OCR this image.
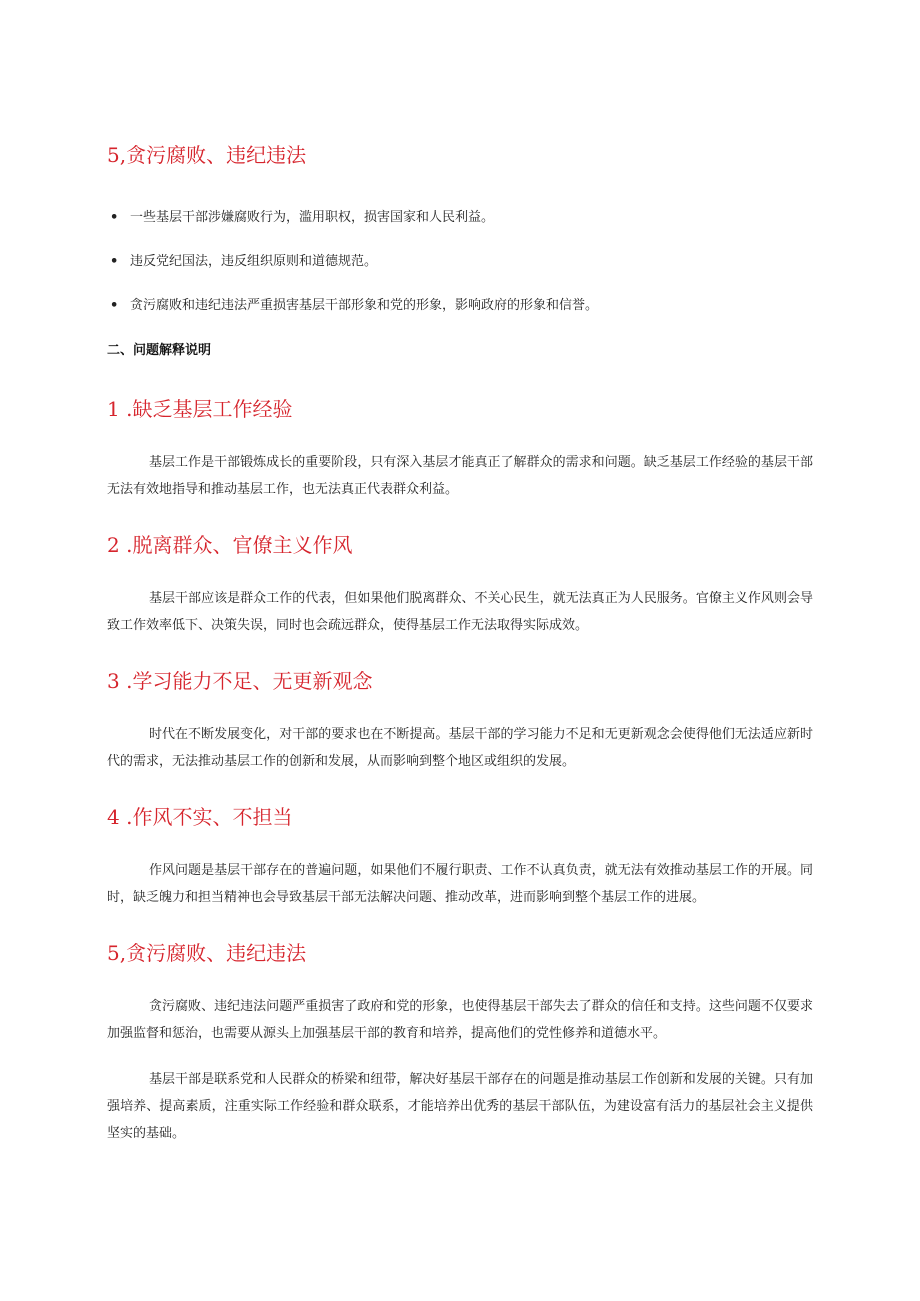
5,贪污腐败、违纪违法
• 一些基层干部涉嫌腐败行为，滥用职权，损害国家和人民利益。
• 违反党纪国法，违反组织原则和道德规范。
• 贪污腐败和违纪违法严重损害基层干部形象和党的形象，影响政府的形象和信誉。
二、问题解释说明
1 .缺乏基层工作经验
基层工作是干部锻炼成长的重要阶段，只有深入基层才能真正了解群众的需求和问题。缺乏基层工作经验的基层干部无法有效地指导和推动基层工作，也无法真正代表群众利益。
2 .脱离群众、官僚主义作风
基层干部应该是群众工作的代表，但如果他们脱离群众、不关心民生，就无法真正为人民服务。官僚主义作风则会导致工作效率低下、决策失误，同时也会疏远群众，使得基层工作无法取得实际成效。
3 .学习能力不足、无更新观念
时代在不断发展变化，对干部的要求也在不断提高。基层干部的学习能力不足和无更新观念会使得他们无法适应新时代的需求，无法推动基层工作的创新和发展，从而影响到整个地区或组织的发展。
4 .作风不实、不担当
作风问题是基层干部存在的普遍问题，如果他们不履行职责、工作不认真负责，就无法有效推动基层工作的开展。同时，缺乏魄力和担当精神也会导致基层干部无法解决问题、推动改革，进而影响到整个基层工作的进展。
5,贪污腐败、违纪违法
贪污腐败、违纪违法问题严重损害了政府和党的形象，也使得基层干部失去了群众的信任和支持。这些问题不仅要求加强监督和惩治，也需要从源头上加强基层干部的教育和培养，提高他们的党性修养和道德水平。
基层干部是联系党和人民群众的桥梁和纽带，解决好基层干部存在的问题是推动基层工作创新和发展的关键。只有加强培养、提高素质，注重实际工作经验和群众联系，才能培养出优秀的基层干部队伍，为建设富有活力的基层社会主义提供坚实的基础。
